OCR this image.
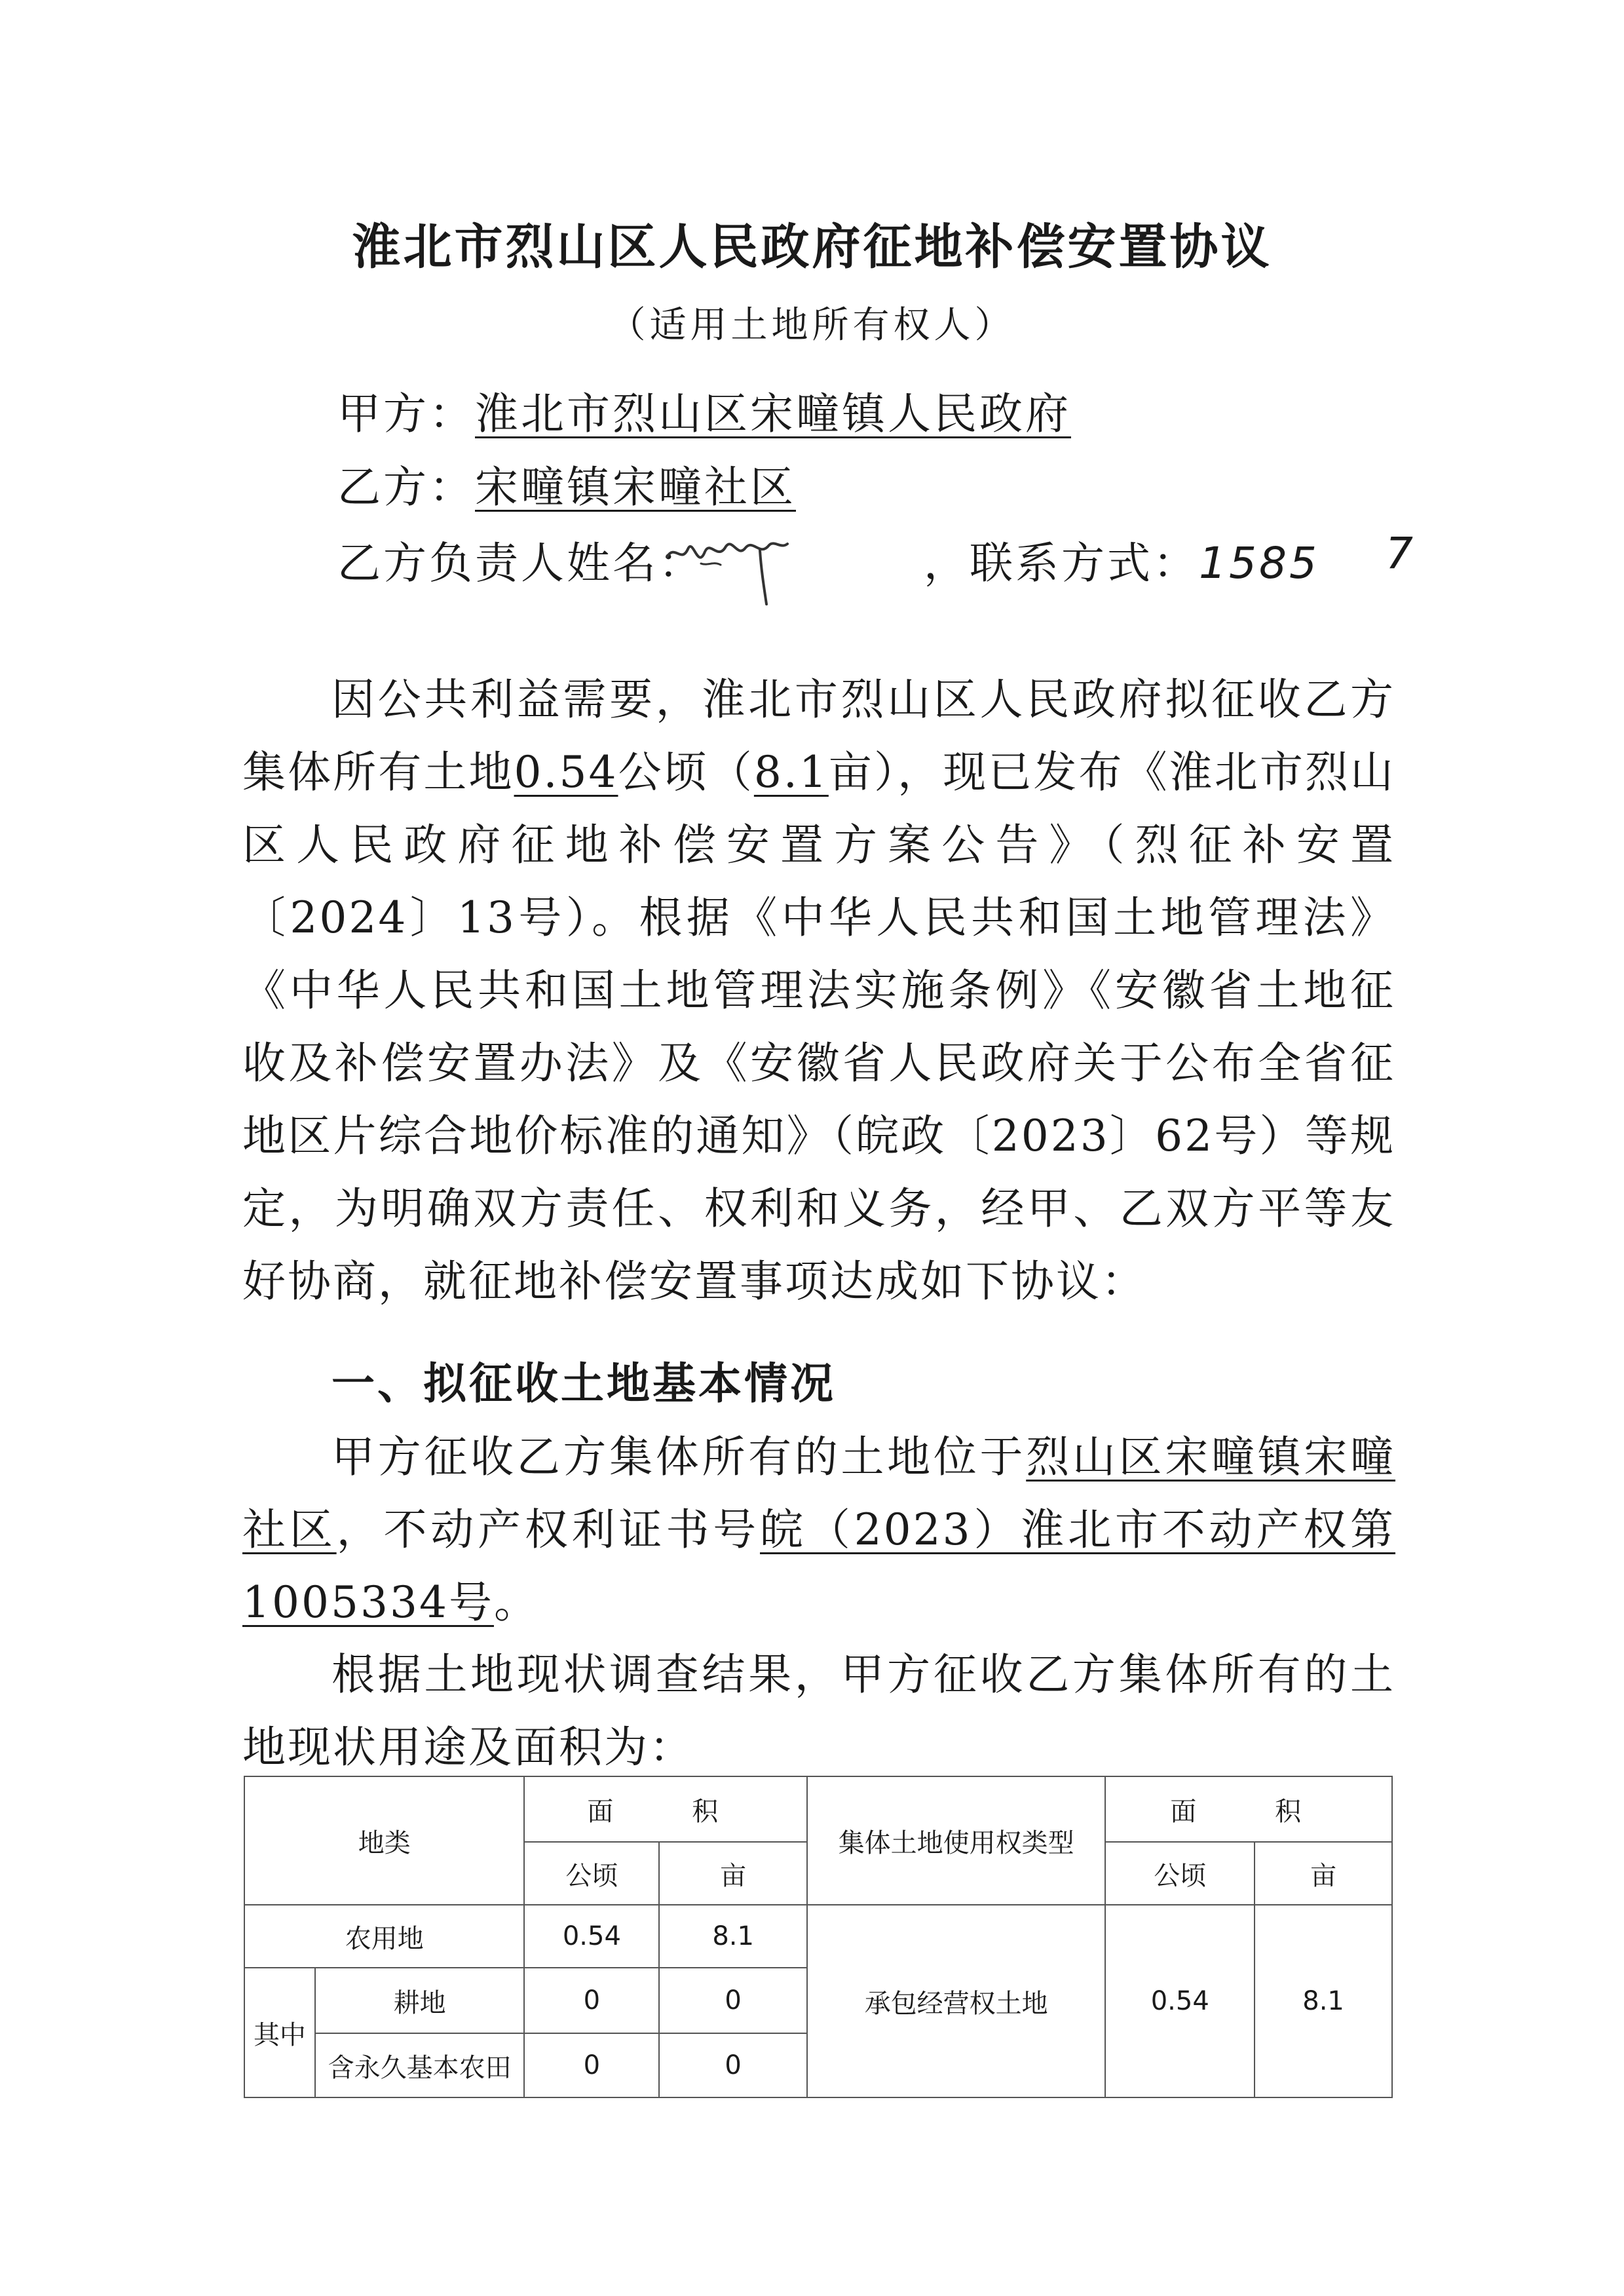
淮北市烈山区人民政府征地补偿安置协议
（适用土地所有权人）
甲方：淮北市烈山区宋疃镇人民政府
乙方：宋疃镇宋疃社区
乙方负责人姓名：	，联系方式：1585 7
因公共利益需要，淮北市烈山区人民政府拟征收乙方集体所有土地0.54公顷（8.1亩），现已发布《淮北市烈山区人民政府征地补偿安置方案公告》（烈征补安置〔2024〕13号）。根据《中华人民共和国土地管理法》《中华人民共和国土地管理法实施条例》《安徽省土地征收及补偿安置办法》及《安徽省人民政府关于公布全省征地区片综合地价标准的通知》（皖政〔2023〕62号）等规定，为明确双方责任、权利和义务，经甲、乙双方平等友好协商，就征地补偿安置事项达成如下协议：
一、拟征收土地基本情况
甲方征收乙方集体所有的土地位于烈山区宋疃镇宋疃社区，不动产权利证书号皖（2023）淮北市不动产权第1005334号。
根据土地现状调查结果，甲方征收乙方集体所有的土地现状用途及面积为：
地类		面　积		集体土地使用权类型	面　积	
		公顷	亩		公顷	亩
农用地		0.54	8.1	承包经营权土地	0.54	8.1
其中	耕地	0	0			
	含永久基本农田	0	0			
